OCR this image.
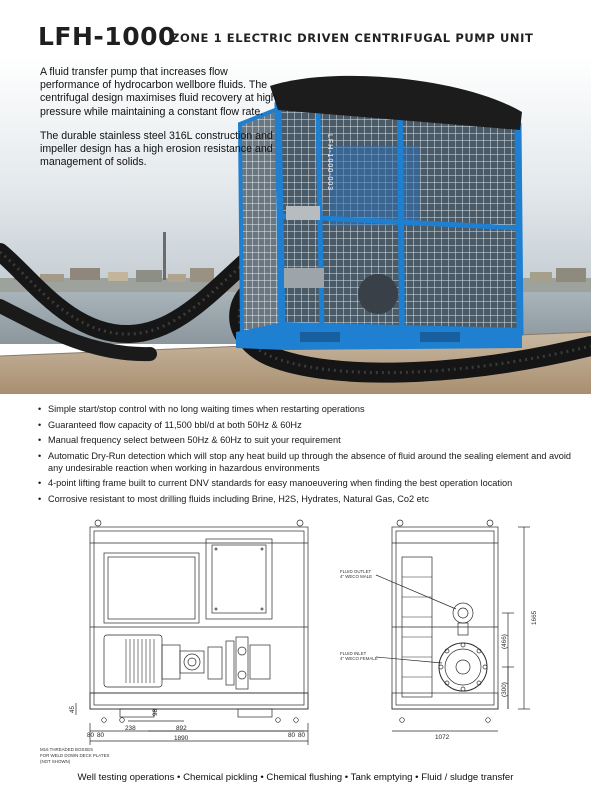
LFH-1000
ZONE 1 ELECTRIC DRIVEN CENTRIFUGAL PUMP UNIT
LFH-1000-003

A fluid transfer pump that increases flow performance of hydrocarbon wellbore fluids. The centrifugal design maximises fluid recovery at high pressure while maintaining a constant flow rate.

The durable stainless steel 316L construction and impeller design has a high erosion resistance and management of solids.

• Simple start/stop control with no long waiting times when restarting operations
• Guaranteed flow capacity of 11,500 bbl/d at both 50Hz & 60Hz
• Manual frequency select between 50Hz & 60Hz to suit your requirement
• Automatic Dry-Run detection which will stop any heat build up through the absence of fluid around the sealing element and avoid any undesirable reaction when working in hazardous environments
• 4-point lifting frame built to current DNV standards for easy manoeuvering when finding the best operation location
• Corrosive resistant to most drilling fluids including Brine, H2S, Hydrates, Natural Gas, Co2 etc
45	98
80 80
238	892
1890	80 80
M16 THREADED BOSSES
FOR WELD DOWN DECK PLATES
(NOT SHOWN)
FLUID OUTLET
4" WECO MALE
FLUID INLET
4" WECO FEMALE
(466)
(300)
1665
1072
Well testing operations • Chemical pickling • Chemical flushing • Tank emptying • Fluid / sludge transfer
